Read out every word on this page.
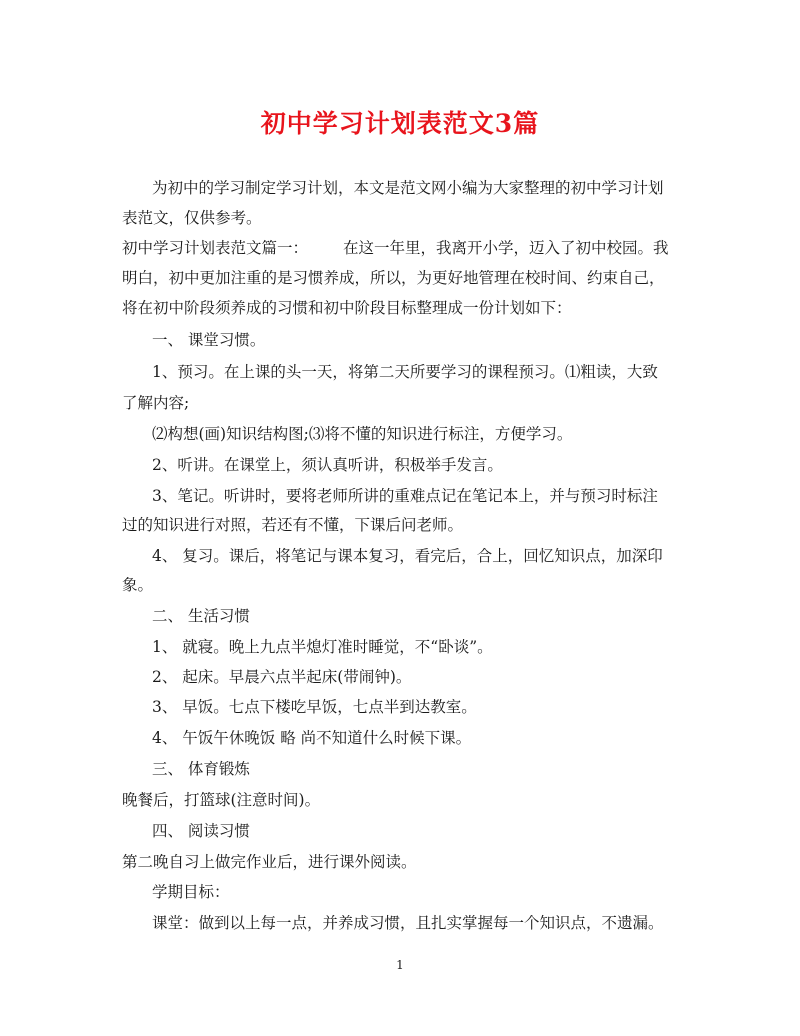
初中学习计划表范文3篇
为初中的学习制定学习计划，本文是范文网小编为大家整理的初中学习计划
表范文，仅供参考。
初中学习计划表范文篇一： 在这一年里，我离开小学，迈入了初中校园。我
明白，初中更加注重的是习惯养成，所以，为更好地管理在校时间、约束自己，
将在初中阶段须养成的习惯和初中阶段目标整理成一份计划如下：
一、 课堂习惯。
1、预习。在上课的头一天，将第二天所要学习的课程预习。⑴粗读，大致
了解内容;
⑵构想(画)知识结构图;⑶将不懂的知识进行标注，方便学习。
2、听讲。在课堂上，须认真听讲，积极举手发言。
3、笔记。听讲时，要将老师所讲的重难点记在笔记本上，并与预习时标注
过的知识进行对照，若还有不懂，下课后问老师。
4、 复习。课后，将笔记与课本复习，看完后，合上，回忆知识点，加深印
象。
二、 生活习惯
1、 就寝。晚上九点半熄灯准时睡觉，不“卧谈”。
2、 起床。早晨六点半起床(带闹钟)。
3、 早饭。七点下楼吃早饭，七点半到达教室。
4、 午饭午休晚饭 略 尚不知道什么时候下课。
三、 体育锻炼
晚餐后，打篮球(注意时间)。
四、 阅读习惯
第二晚自习上做完作业后，进行课外阅读。
学期目标：
课堂：做到以上每一点，并养成习惯，且扎实掌握每一个知识点，不遗漏。
1
